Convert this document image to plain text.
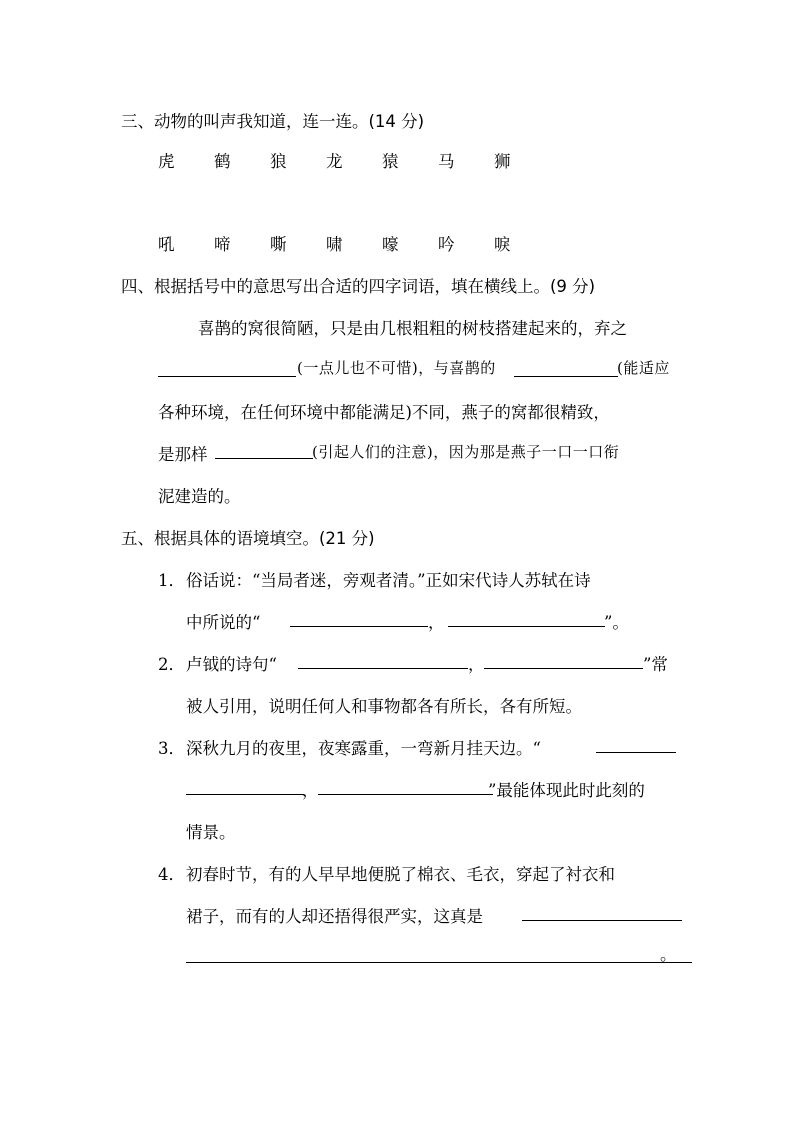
三、动物的叫声我知道，连一连。(14 分)
虎	鹤	狼	龙	猿	马	狮
吼	啼	嘶	啸	嚎	吟	唳
四、根据括号中的意思写出合适的四字词语，填在横线上。(9 分)
喜鹊的窝很简陋，只是由几根粗粗的树枝搭建起来的，弃之
(一点儿也不可惜)，与喜鹊的	(能适应
各种环境，在任何环境中都能满足)不同，燕子的窝都很精致，
是那样	(引起人们的注意)，因为那是燕子一口一口衔
泥建造的。
五、根据具体的语境填空。(21 分)
1． 俗话说：“当局者迷，旁观者清。”正如宋代诗人苏轼在诗
中所说的“	，	”。
2． 卢钺的诗句“	，	”常
被人引用，说明任何人和事物都各有所长，各有所短。
3． 深秋九月的夜里，夜寒露重，一弯新月挂天边。“
，	”最能体现此时此刻的
情景。
4． 初春时节，有的人早早地便脱了棉衣、毛衣，穿起了衬衣和
裙子，而有的人却还捂得很严实，这真是
。
